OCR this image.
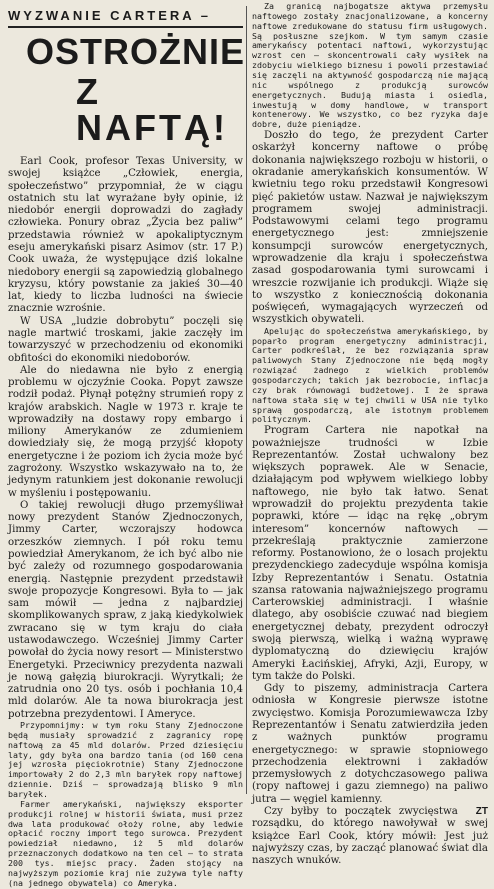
WYZWANIE CARTERA –
OSTROŻNIE
Z NAFTĄ!

Earl Cook, profesor Texas University, w swojej książce „Człowiek, energia, społeczeństwo” przypomniał, że w ciągu ostatnich stu lat wyrażane były opinie, iż niedobór energii doprowadzi do zagłady człowieka. Ponury obraz „Życia bez paliw” przedstawia również w apokaliptycznym eseju amerykański pisarz Asimov (str. 17 P.) Cook uważa, że występujące dziś lokalne niedobory energii są zapowiedzią globalnego kryzysu, który powstanie za jakieś 30—40 lat, kiedy to liczba ludności na świecie znacznie wzrośnie.

W USA „ludzie dobrobytu” poczęli się nagle martwić troskami, jakie zaczęły im towarzyszyć w przechodzeniu od ekonomiki obfitości do ekonomiki niedoborów.

Ale do niedawna nie było z energią problemu w ojczyźnie Cooka. Popyt zawsze rodził podaż. Płynął potężny strumień ropy z krajów arabskich. Nagle w 1973 r. kraje te wprowadziły na dostawy ropy embargo i miliony Amerykanów ze zdumieniem dowiedziały się, że mogą przyjść kłopoty energetyczne i że poziom ich życia może być zagrożony. Wszystko wskazywało na to, że jedynym ratunkiem jest dokonanie rewolucji w myśleniu i postępowaniu.

O takiej rewolucji długo przemyśliwał nowy prezydent Stanów Zjednoczonych, Jimmy Carter, wczorajszy hodowca orzeszków ziemnych. I pół roku temu powiedział Amerykanom, że ich być albo nie być zależy od rozumnego gospodarowania energią. Następnie prezydent przedstawił swoje propozycje Kongresowi. Była to — jak sam mówił — jedna z najbardziej skomplikowanych spraw, z jaką kiedykolwiek zwracano się w tym kraju do ciała ustawodawczego. Wcześniej Jimmy Carter powołał do życia nowy resort — Ministerstwo Energetyki. Przeciwnicy prezydenta nazwali je nową gałęzią biurokracji. Wyrytkali; że zatrudnia ono 20 tys. osób i pochłania 10,4 mld dolarów. Ale ta nowa biurokracja jest potrzebna prezydentowi. I Ameryce.

Przypomnijmy: w tym roku Stany Zjednoczone będą musiały sprowadzić z zagranicy ropę naftową za 45 mld dolarów. Przed dziesięciu laty, gdy była ona bardzo tania (od 160 cena jej wzrosła pięciokrotnie) Stany Zjednoczone importowały 2 do 2,3 mln baryłek ropy naftowej dziennie. Dziś — sprowadzają blisko 9 mln baryłek.

Farmer amerykański, największy eksporter produkcji rolnej w historii świata, musi przez dwa lata produkować ołoży rolne, aby ledwie opłacić roczny import tego surowca. Prezydent powiedział niedawno, iż 5 mld dolarów przeznaczonych dodatkowo na ten cel — to strata 200 tys. miejsc pracy. Żaden stojący na najwyższym poziomie kraj nie zużywa tyle nafty (na jednego obywatela) co Ameryka.

Za granicą najbogatsze aktywa przemysłu naftowego zostały znacjonalizowane, a koncerny naftowe zredukowane do statusu firm usługowych. Są posłuszne szejkom. W tym samym czasie amerykańscy potentaci naftowi, wykorzystując wzrost cen — skoncentrowali cały wysiłek na zdobyciu wielkiego biznesu i powoli przestawiać się zaczęli na aktywność gospodarczą nie mającą nic wspólnego z produkcją surowców energetycznych. Budują miasta i osiedla, inwestują w domy handlowe, w transport kontenerowy. We wszystko, co bez ryzyka daje dobre, duże pieniądze.

Doszło do tego, że prezydent Carter oskarżył koncerny naftowe o próbę dokonania największego rozboju w historii, o okradanie amerykańskich konsumentów. W kwietniu tego roku przedstawił Kongresowi pięć pakietów ustaw. Nazwał je największym programem swojej administracji. Podstawowymi celami tego programu energetycznego jest: zmniejszenie konsumpcji surowców energetycznych, wprowadzenie dla kraju i społeczeństwa zasad gospodarowania tymi surowcami i wreszcie rozwijanie ich produkcji. Wiąże się to wszystko z koniecznością dokonania poświęceń, wymagających wyrzeczeń od wszystkich obywateli.

Apelując do społeczeństwa amerykańskiego, by poparło program energetyczny administracji, Carter podkreślał, że bez rozwiązania spraw paliwowych Stany Zjednoczone nie będą mogły rozwiązać żadnego z wielkich problemów gospodarczych; takich jak bezrobocie, inflacja czy brak równowagi budżetowej. I że sprawa naftowa stała się w tej chwili w USA nie tylko sprawą gospodarczą, ale istotnym problemem politycznym.

Program Cartera nie napotkał na poważniejsze trudności w Izbie Reprezentantów. Został uchwalony bez większych poprawek. Ale w Senacie, działającym pod wpływem wielkiego lobby naftowego, nie było tak łatwo. Senat wprowadził do projektu prezydenta takie poprawki, które — idąc na rękę „obrym interesom” koncernów naftowych — przekreślają praktycznie zamierzone reformy. Postanowiono, że o losach projektu prezydenckiego zadecyduje wspólna komisja Izby Reprezentantów i Senatu. Ostatnia szansa ratowania najważniejszego programu Carterowskiej administracji. I właśnie dlatego, aby osobiście czuwać nad biegiem energetycznej debaty, prezydent odroczył swoją pierwszą, wielką i ważną wyprawę dyplomatyczną do dziewięciu krajów Ameryki Łacińskiej, Afryki, Azji, Europy, w tym także do Polski.

Gdy to piszemy, administracja Cartera odniosła w Kongresie pierwsze istotne zwycięstwo. Komisja Porozumiewawcza Izby Reprezentantów i Senatu zatwierdziła jeden z ważnych punktów programu energetycznego: w sprawie stopniowego przechodzenia elektrowni i zakładów przemysłowych z dotychczasowego paliwa (ropy naftowej i gazu ziemnego) na paliwo jutra — węgiel kamienny.

ZT
Czy byłby to początek zwycięstwa rozsądku, do którego nawoływał w swej książce Earl Cook, który mówił: Jest już najwyższy czas, by zacząć planować świat dla naszych wnuków.
